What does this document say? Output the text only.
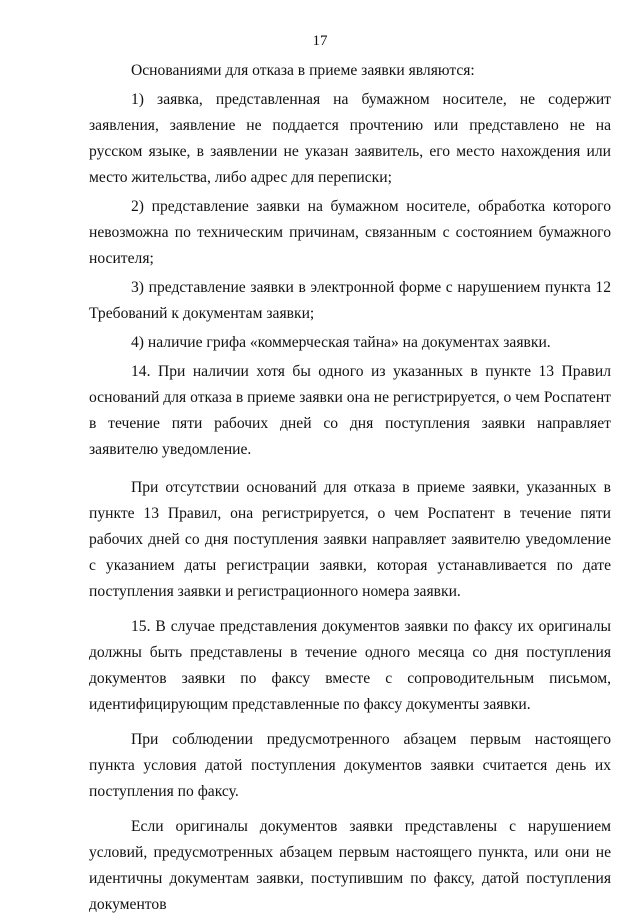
17

Основаниями для отказа в приеме заявки являются:

1) заявка, представленная на бумажном носителе, не содержит заявления, заявление не поддается прочтению или представлено не на русском языке, в заявлении не указан заявитель, его место нахождения или место жительства, либо адрес для переписки;

2) представление заявки на бумажном носителе, обработка которого невозможна по техническим причинам, связанным с состоянием бумажного носителя;

3) представление заявки в электронной форме с нарушением пункта 12 Требований к документам заявки;

4) наличие грифа «коммерческая тайна» на документах заявки.

14. При наличии хотя бы одного из указанных в пункте 13 Правил оснований для отказа в приеме заявки она не регистрируется, о чем Роспатент в течение пяти рабочих дней со дня поступления заявки направляет заявителю уведомление.

При отсутствии оснований для отказа в приеме заявки, указанных в пункте 13 Правил, она регистрируется, о чем Роспатент в течение пяти рабочих дней со дня поступления заявки направляет заявителю уведомление с указанием даты регистрации заявки, которая устанавливается по дате поступления заявки и регистрационного номера заявки.

15. В случае представления документов заявки по факсу их оригиналы должны быть представлены в течение одного месяца со дня поступления документов заявки по факсу вместе с сопроводительным письмом, идентифицирующим представленные по факсу документы заявки.

При соблюдении предусмотренного абзацем первым настоящего пункта условия датой поступления документов заявки считается день их поступления по факсу.

Если оригиналы документов заявки представлены с нарушением условий, предусмотренных абзацем первым настоящего пункта, или они не идентичны документам заявки, поступившим по факсу, датой поступления документов
